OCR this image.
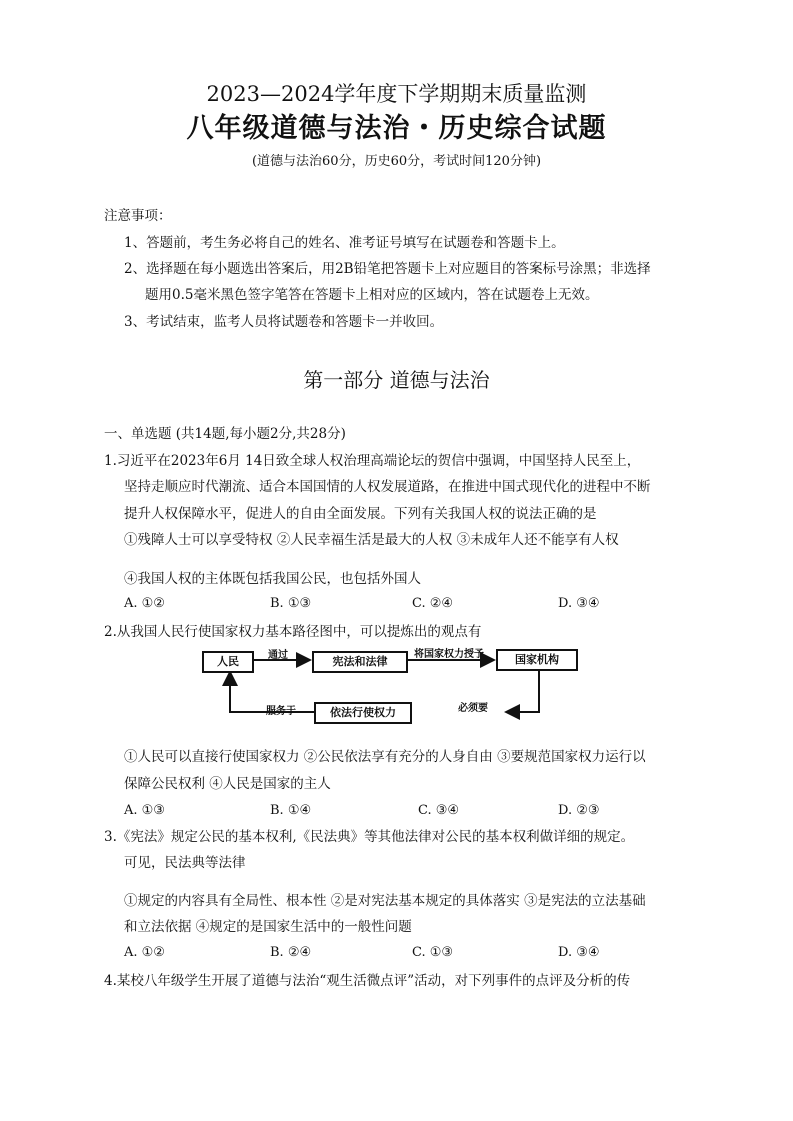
2023—2024学年度下学期期末质量监测
八年级道德与法治・历史综合试题
(道德与法治60分，历史60分，考试时间120分钟)
注意事项：
1、答题前，考生务必将自己的姓名、准考证号填写在试题卷和答题卡上。
2、选择题在每小题选出答案后，用2B铅笔把答题卡上对应题目的答案标号涂黑；非选择
题用0.5毫米黑色签字笔答在答题卡上相对应的区域内，答在试题卷上无效。
3、考试结束，监考人员将试题卷和答题卡一并收回。
第一部分 道德与法治
一、单选题 (共14题,每小题2分,共28分)
1.习近平在2023年6月 14日致全球人权治理高端论坛的贺信中强调，中国坚持人民至上，
坚持走顺应时代潮流、适合本国国情的人权发展道路，在推进中国式现代化的进程中不断
提升人权保障水平，促进人的自由全面发展。下列有关我国人权的说法正确的是
①残障人士可以享受特权 ②人民幸福生活是最大的人权 ③未成年人还不能享有人权
④我国人权的主体既包括我国公民，也包括外国人
A. ①②	B. ①③	C. ②④	D. ③④
2.从我国人民行使国家权力基本路径图中，可以提炼出的观点有
人民	宪法和法律	国家机构
依法行使权力
通过	将国家权力授予
必须要
服务于
①人民可以直接行使国家权力 ②公民依法享有充分的人身自由 ③要规范国家权力运行以
保障公民权利 ④人民是国家的主人
A. ①③	B. ①④	C. ③④	D. ②③
3.《宪法》规定公民的基本权利,《民法典》等其他法律对公民的基本权利做详细的规定。
可见，民法典等法律
①规定的内容具有全局性、根本性 ②是对宪法基本规定的具体落实 ③是宪法的立法基础
和立法依据 ④规定的是国家生活中的一般性问题
A. ①②	B. ②④	C. ①③	D. ③④
4.某校八年级学生开展了道德与法治“观生活微点评”活动，对下列事件的点评及分析的传
